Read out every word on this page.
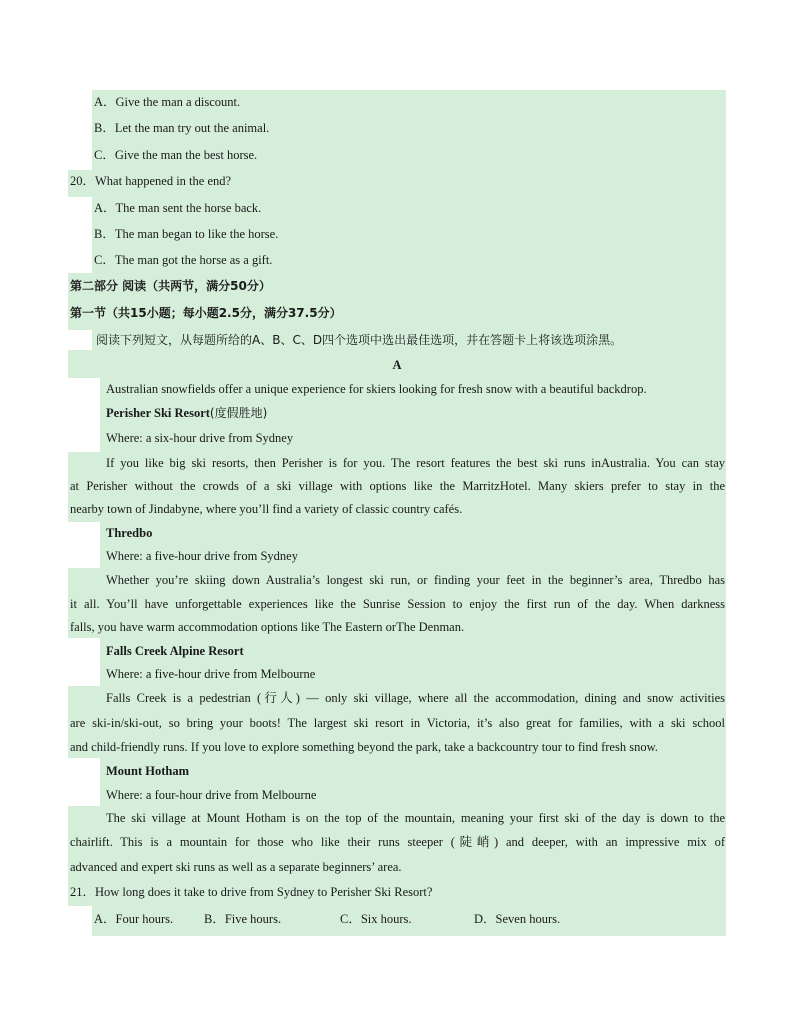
A．Give the man a discount.
B．Let the man try out the animal.
C．Give the man the best horse.
20．What happened in the end?
A．The man sent the horse back.
B．The man began to like the horse.
C．The man got the horse as a gift.
第二部分 阅读（共两节，满分50分）
第一节（共15小题；每小题2.5分，满分37.5分）
阅读下列短文，从每题所给的A、B、C、D四个选项中选出最佳选项，并在答题卡上将该选项涂黑。
A
Australian snowfields offer a unique experience for skiers looking for fresh snow with a beautiful backdrop.
Perisher Ski Resort(度假胜地)
Where: a six-hour drive from Sydney
If you like big ski resorts, then Perisher is for you. The resort features the best ski runs inAustralia. You can stay
at Perisher without the crowds of a ski village with options like the MarritzHotel. Many skiers prefer to stay in the
nearby town of Jindabyne, where you’ll find a variety of classic country cafés.
Thredbo
Where: a five-hour drive from Sydney
Whether you’re skiing down Australia’s longest ski run, or finding your feet in the beginner’s area, Thredbo has
it all. You’ll have unforgettable experiences like the Sunrise Session to enjoy the first run of the day. When darkness
falls, you have warm accommodation options like The Eastern orThe Denman.
Falls Creek Alpine Resort
Where: a five-hour drive from Melbourne
Falls Creek is a pedestrian (行人) — only ski village, where all the accommodation, dining and snow activities
are ski-in/ski-out, so bring your boots! The largest ski resort in Victoria, it’s also great for families, with a ski school
and child-friendly runs. If you love to explore something beyond the park, take a backcountry tour to find fresh snow.
Mount Hotham
Where: a four-hour drive from Melbourne
The ski village at Mount Hotham is on the top of the mountain, meaning your first ski of the day is down to the
chairlift. This is a mountain for those who like their runs steeper (陡峭) and deeper, with an impressive mix of
advanced and expert ski runs as well as a separate beginners’ area.
21．How long does it take to drive from Sydney to Perisher Ski Resort?
A．Four hours. B．Five hours.	C．Six hours.	D．Seven hours.
